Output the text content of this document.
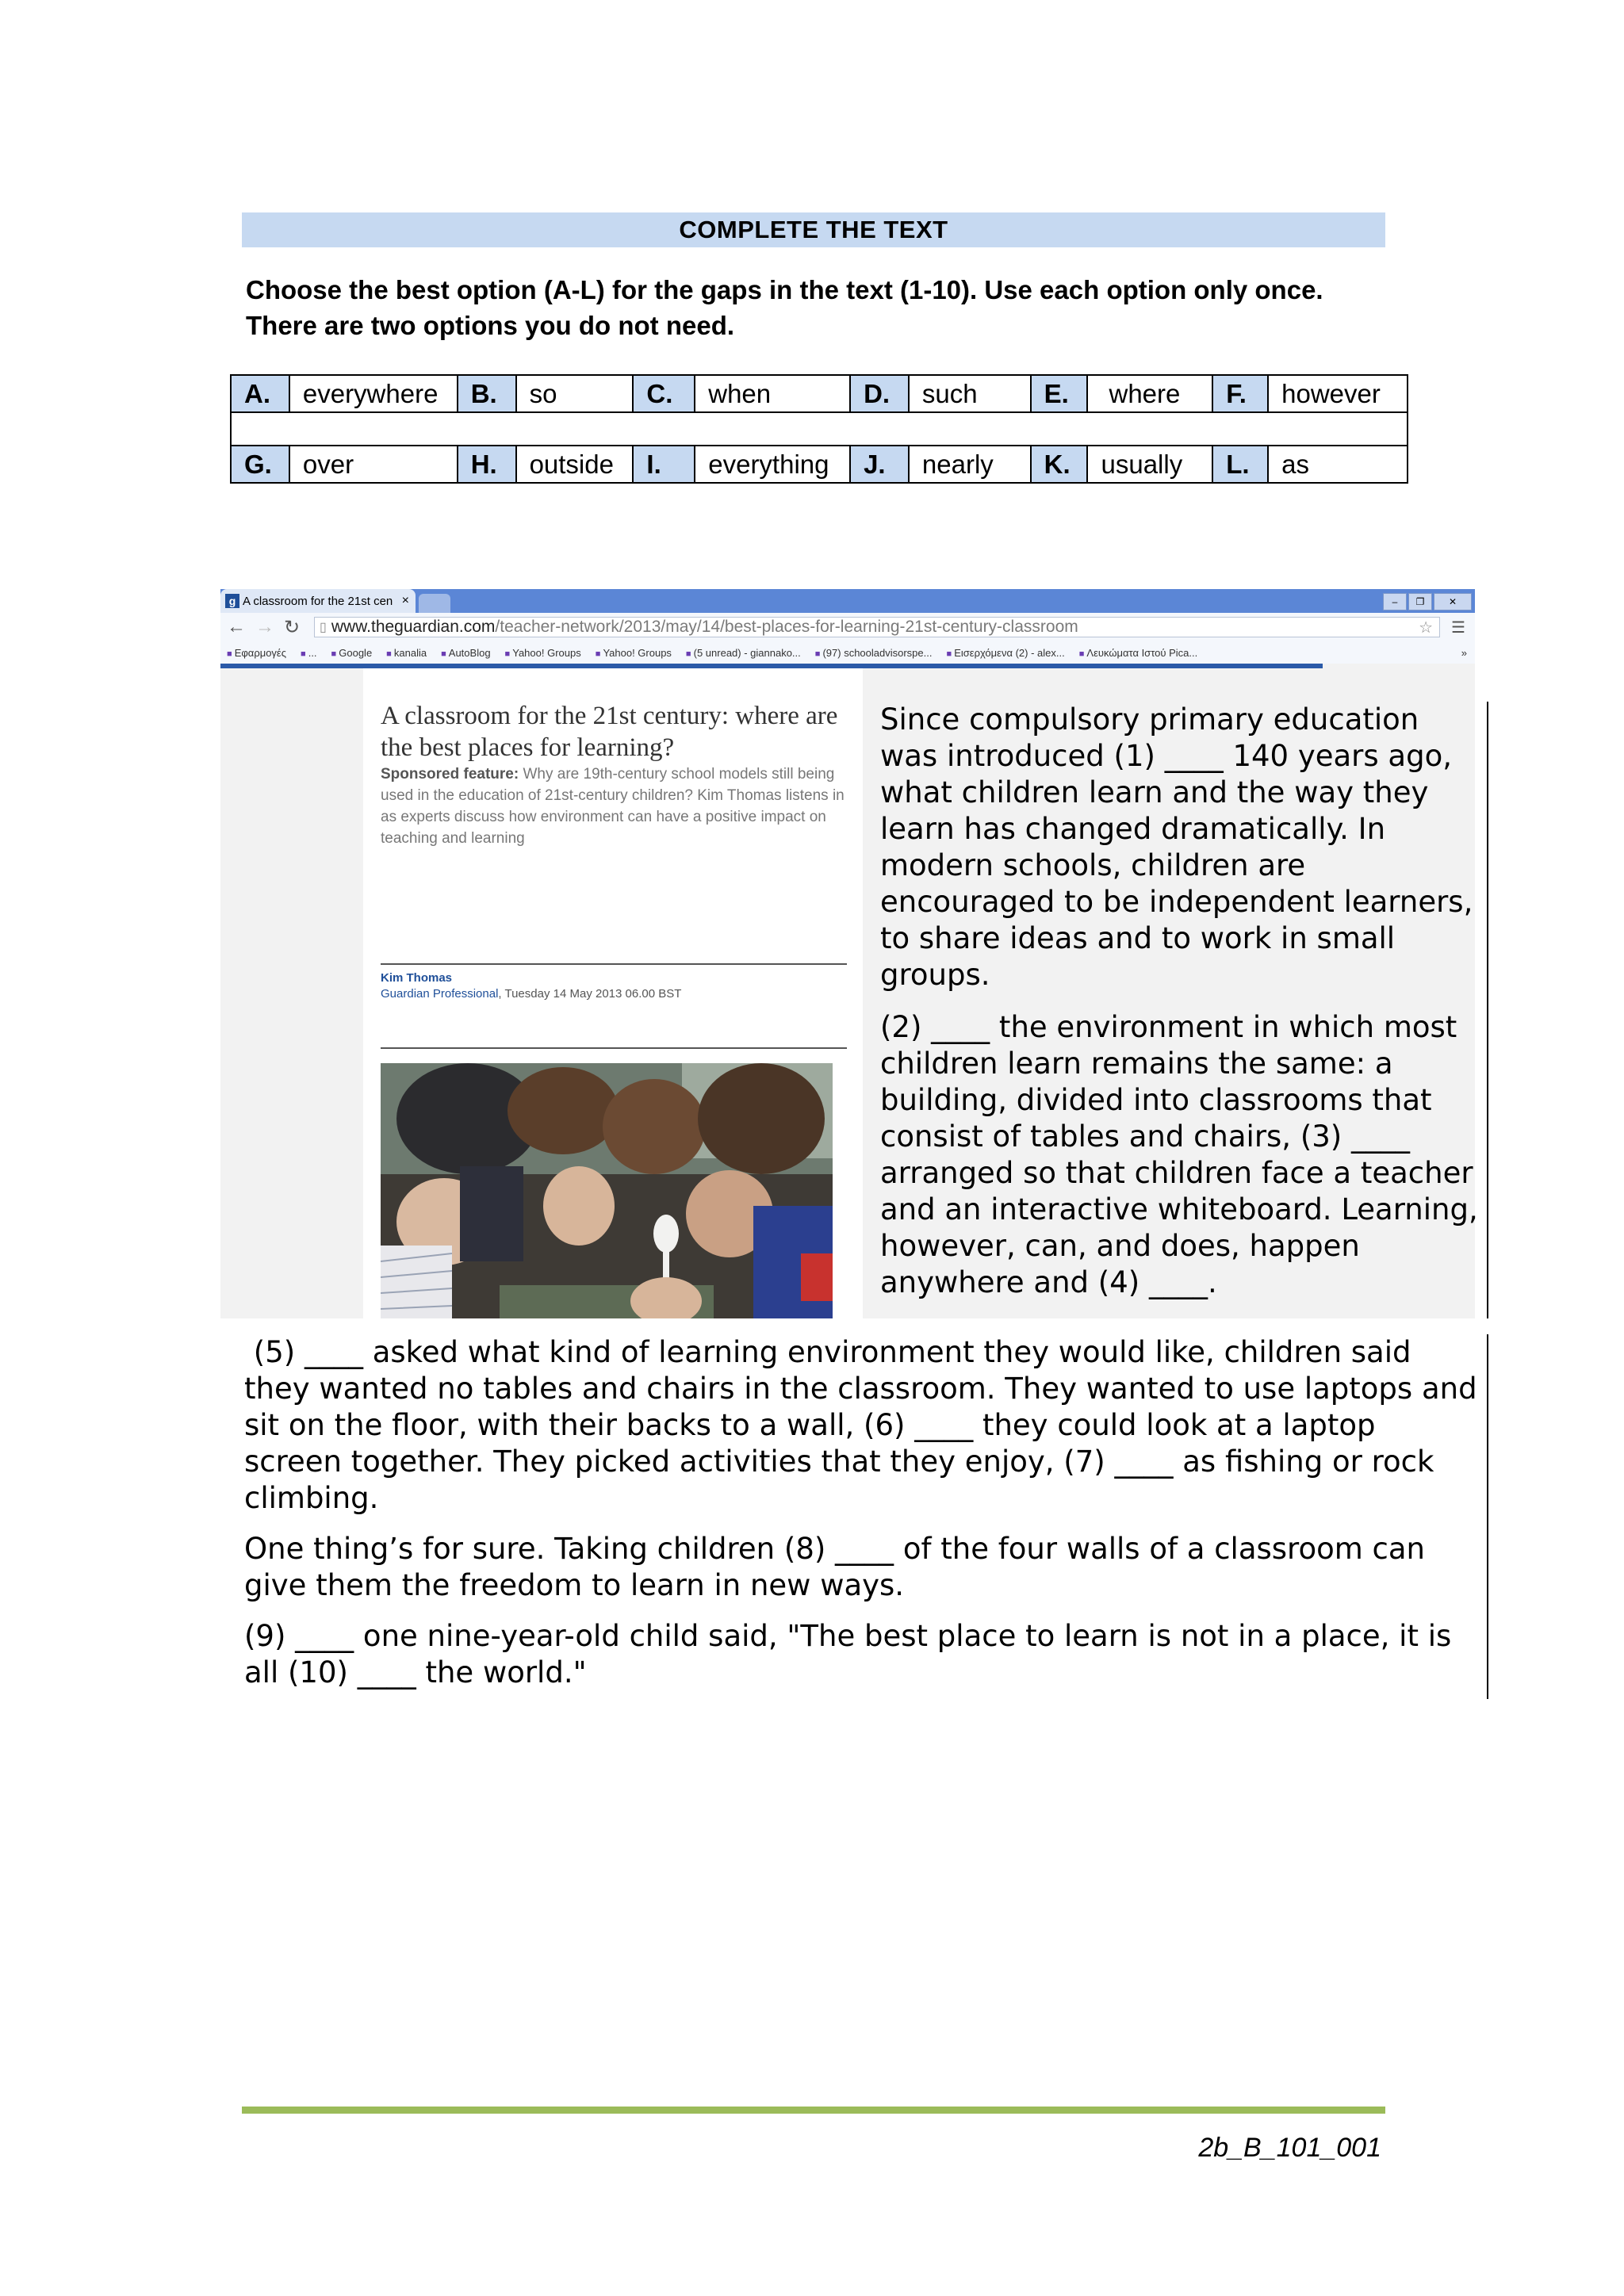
COMPLETE THE TEXT
Choose the best option (A-L) for the gaps in the text (1-10). Use each option only once.
There are two options you do not need.
A.	everywhere	B.	so	C.	when	D.	such	E.	where	F.	however

G.	over	H.	outside	I.	everything	J.	nearly	K.	usually	L.	as
g A classroom for the 21st cen ×	–	❐	✕
← → ↻ ▯ www.theguardian.com /teacher-network/2013/may/14/best-places-for-learning-21st-century-classroom	☆ ☰
■ Εφαρμογές	■ ...	■ Google	■ kanalia	■ AutoBlog	■ Yahoo! Groups	■ Yahoo! Groups	■ (5 unread) - giannako...	■ (97) schooladvisorspe...	■ Εισερχόμενα (2) - alex...	■ Λευκώματα Ιστού Pica...	»
A classroom for the 21st century: where are the best places for learning?
Sponsored feature: Why are 19th-century school models still being used in the education of 21st-century children? Kim Thomas listens in as experts discuss how environment can have a positive impact on teaching and learning
Kim Thomas
Guardian Professional, Tuesday 14 May 2013 06.00 BST

Since compulsory primary education was introduced (1) ____ 140 years ago, what children learn and the way they learn has changed dramatically. In modern schools, children are encouraged to be independent learners, to share ideas and to work in small groups.

(2) ____ the environment in which most children learn remains the same: a building, divided into classrooms that consist of tables and chairs, (3) ____ arranged so that children face a teacher and an interactive whiteboard. Learning, however, can, and does, happen anywhere and (4) ____.

(5) ____ asked what kind of learning environment they would like, children said they wanted no tables and chairs in the classroom. They wanted to use laptops and sit on the floor, with their backs to a wall, (6) ____ they could look at a laptop screen together. They picked activities that they enjoy, (7) ____ as fishing or rock climbing.

One thing’s for sure. Taking children (8) ____ of the four walls of a classroom can give them the freedom to learn in new ways.

(9) ____ one nine-year-old child said, "The best place to learn is not in a place, it is all (10) ____ the world."

2b_B_101_001
